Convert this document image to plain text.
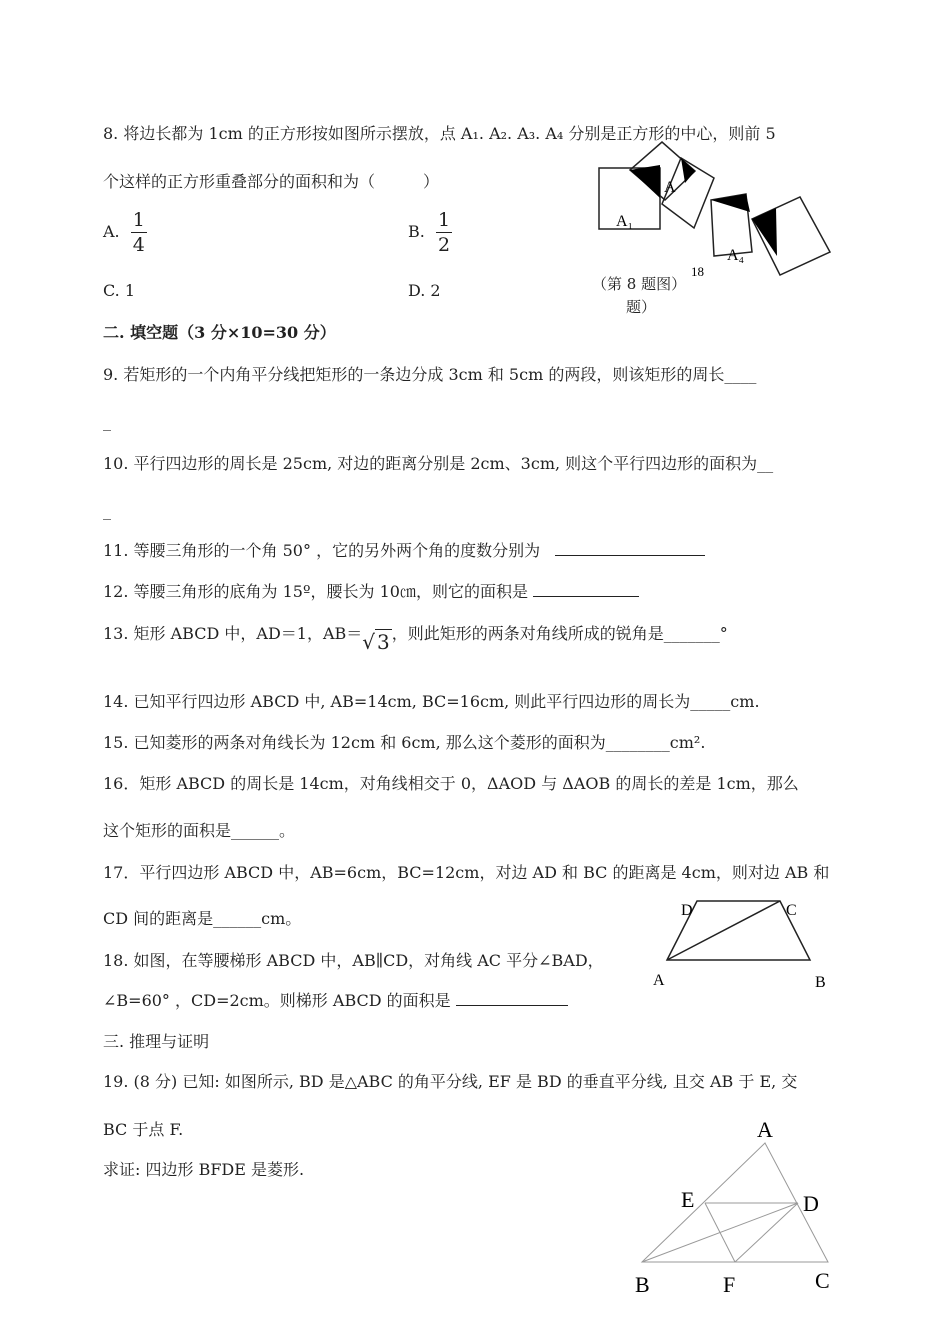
8. 将边长都为 1cm 的正方形按如图所示摆放，点 A₁. A₂. A₃. A₄ 分别是正方形的中心，则前 5
个这样的正方形重叠部分的面积和为（　　　）
A. $\frac{1}{4}$	B. $\frac{1}{2}$
C. 1	D. 2
A₁
A
A₄
18
（第 8 题图）
题）
二. 填空题（3 分×10=30 分）
9. 若矩形的一个内角平分线把矩形的一条边分成 3cm 和 5cm 的两段，则该矩形的周长____
_
10. 平行四边形的周长是 25cm, 对边的距离分别是 2cm、3cm, 则这个平行四边形的面积为__
_
11. 等腰三角形的一个角 50° ，它的另外两个角的度数分别为
12. 等腰三角形的底角为 15º，腰长为 10㎝，则它的面积是
13. 矩形 ABCD 中，AD＝1，AB＝√ 3 ，则此矩形的两条对角线所成的锐角是_______°
14. 已知平行四边形 ABCD 中, AB=14cm, BC=16cm, 则此平行四边形的周长为_____cm.
15. 已知菱形的两条对角线长为 12cm 和 6cm, 那么这个菱形的面积为________cm².
16．矩形 ABCD 的周长是 14cm，对角线相交于 0，ΔAOD 与 ΔAOB 的周长的差是 1cm，那么
这个矩形的面积是______。
17．平行四边形 ABCD 中，AB=6cm，BC=12cm，对边 AD 和 BC 的距离是 4cm，则对边 AB 和
CD 间的距离是______cm。
18. 如图，在等腰梯形 ABCD 中，AB∥CD，对角线 AC 平分∠BAD，
∠B=60° ，CD=2cm。则梯形 ABCD 的面积是
D	C
A	B
三. 推理与证明
19. (8 分) 已知: 如图所示, BD 是△ABC 的角平分线, EF 是 BD 的垂直平分线, 且交 AB 于 E, 交
BC 于点 F.
求证: 四边形 BFDE 是菱形.
A
E	D
B	F	C
